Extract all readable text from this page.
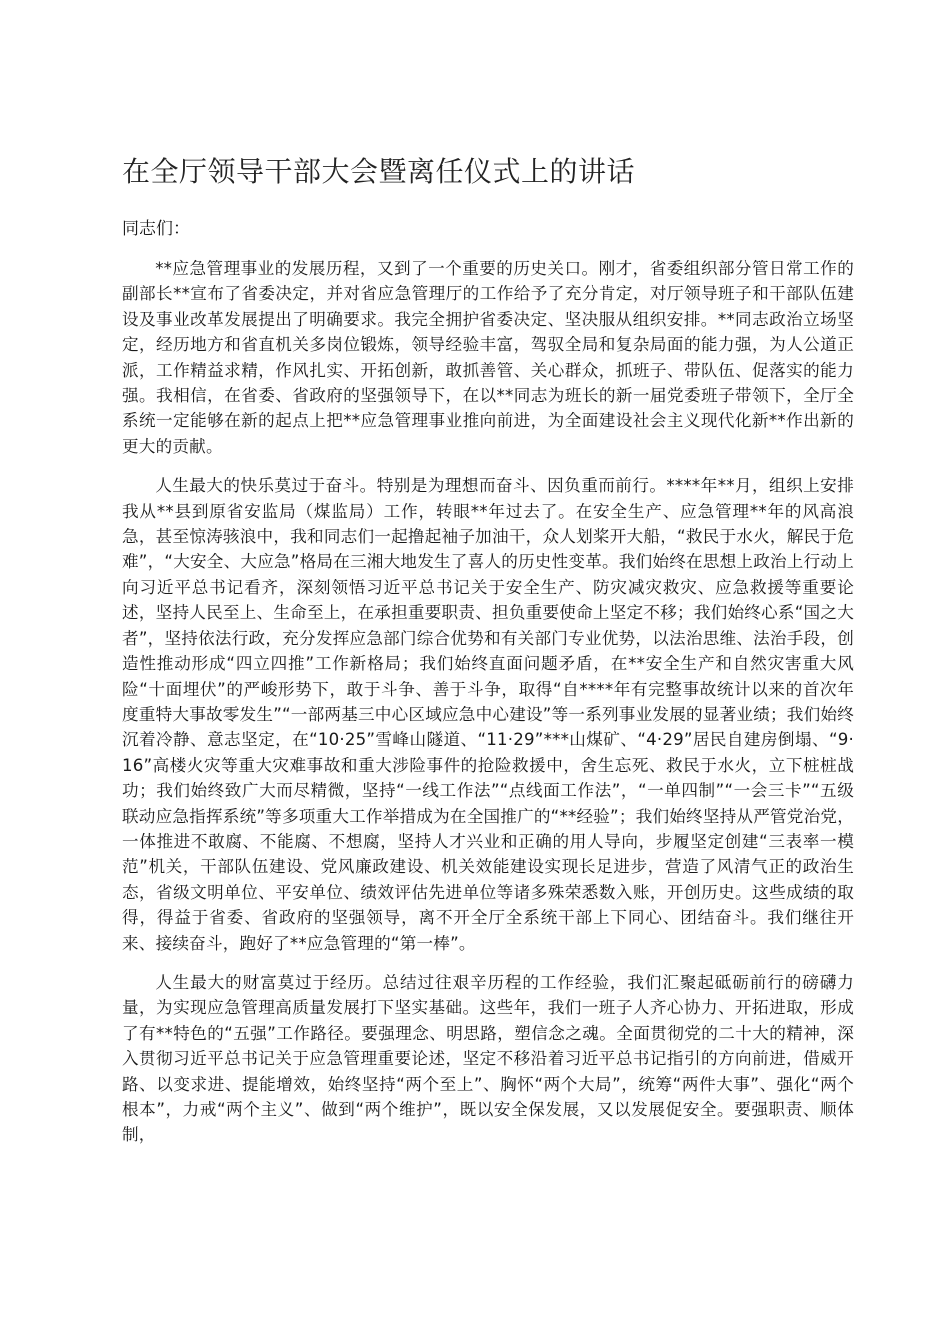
在全厅领导干部大会暨离任仪式上的讲话

同志们：

**应急管理事业的发展历程，又到了一个重要的历史关口。刚才，省委组织部分管日常工作的副部长**宣布了省委决定，并对省应急管理厅的工作给予了充分肯定，对厅领导班子和干部队伍建设及事业改革发展提出了明确要求。我完全拥护省委决定、坚决服从组织安排。**同志政治立场坚定，经历地方和省直机关多岗位锻炼，领导经验丰富，驾驭全局和复杂局面的能力强，为人公道正派，工作精益求精，作风扎实、开拓创新，敢抓善管、关心群众，抓班子、带队伍、促落实的能力强。我相信，在省委、省政府的坚强领导下，在以**同志为班长的新一届党委班子带领下，全厅全系统一定能够在新的起点上把**应急管理事业推向前进，为全面建设社会主义现代化新**作出新的更大的贡献。

人生最大的快乐莫过于奋斗。特别是为理想而奋斗、因负重而前行。****年**月，组织上安排我从**县到原省安监局（煤监局）工作，转眼**年过去了。在安全生产、应急管理**年的风高浪急，甚至惊涛骇浪中，我和同志们一起撸起袖子加油干，众人划桨开大船，“救民于水火，解民于危难”，“大安全、大应急”格局在三湘大地发生了喜人的历史性变革。我们始终在思想上政治上行动上向习近平总书记看齐，深刻领悟习近平总书记关于安全生产、防灾减灾救灾、应急救援等重要论述，坚持人民至上、生命至上，在承担重要职责、担负重要使命上坚定不移；我们始终心系“国之大者”，坚持依法行政，充分发挥应急部门综合优势和有关部门专业优势，以法治思维、法治手段，创造性推动形成“四立四推”工作新格局；我们始终直面问题矛盾，在**安全生产和自然灾害重大风险“十面埋伏”的严峻形势下，敢于斗争、善于斗争，取得“自****年有完整事故统计以来的首次年度重特大事故零发生”“一部两基三中心区域应急中心建设”等一系列事业发展的显著业绩；我们始终沉着冷静、意志坚定，在“10·25”雪峰山隧道、“11·29”***山煤矿、“4·29”居民自建房倒塌、“9·16”高楼火灾等重大灾难事故和重大涉险事件的抢险救援中，舍生忘死、救民于水火，立下桩桩战功；我们始终致广大而尽精微，坚持“一线工作法”“点线面工作法”，“一单四制”“一会三卡”“五级联动应急指挥系统”等多项重大工作举措成为在全国推广的“**经验”；我们始终坚持从严管党治党，一体推进不敢腐、不能腐、不想腐，坚持人才兴业和正确的用人导向，步履坚定创建“三表率一模范”机关，干部队伍建设、党风廉政建设、机关效能建设实现长足进步，营造了风清气正的政治生态，省级文明单位、平安单位、绩效评估先进单位等诸多殊荣悉数入账，开创历史。这些成绩的取得，得益于省委、省政府的坚强领导，离不开全厅全系统干部上下同心、团结奋斗。我们继往开来、接续奋斗，跑好了**应急管理的“第一棒”。

人生最大的财富莫过于经历。总结过往艰辛历程的工作经验，我们汇聚起砥砺前行的磅礴力量，为实现应急管理高质量发展打下坚实基础。这些年，我们一班子人齐心协力、开拓进取，形成了有**特色的“五强”工作路径。要强理念、明思路，塑信念之魂。全面贯彻党的二十大的精神，深入贯彻习近平总书记关于应急管理重要论述，坚定不移沿着习近平总书记指引的方向前进，借威开路、以变求进、提能增效，始终坚持“两个至上”、胸怀“两个大局”，统筹“两件大事”、强化“两个根本”，力戒“两个主义”、做到“两个维护”，既以安全保发展，又以发展促安全。要强职责、顺体制，
